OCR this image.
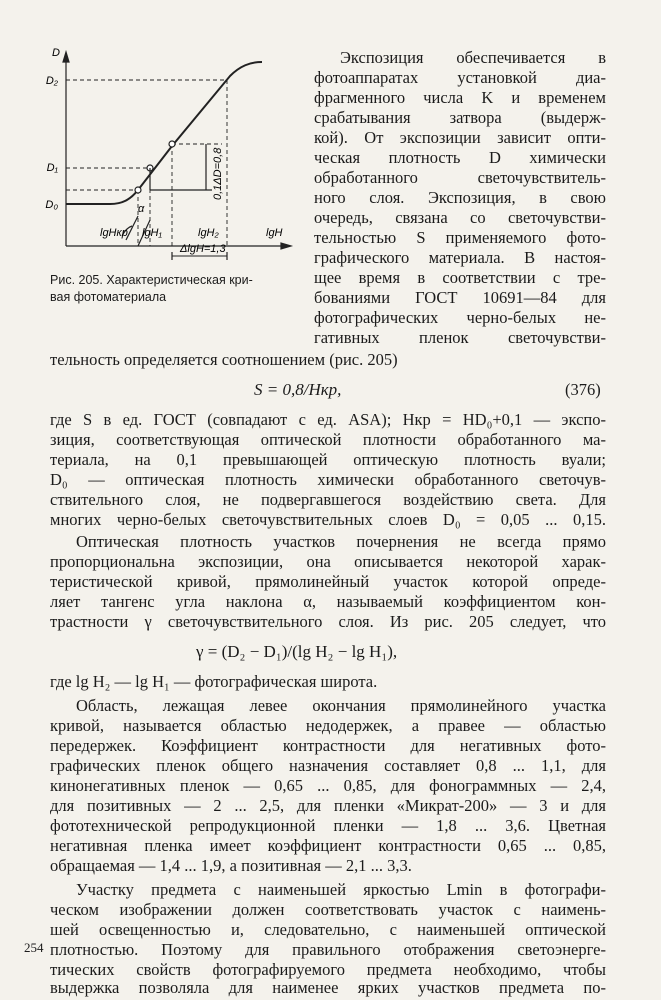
D
D₂
D₁
D₀
lgHкр lgH₁	lgH₂	lgH
α
ΔlgH=1,3
0,1ΔD=0,8
Рис. 205. Характеристическая кри-
вая фотоматериала
Экспозиция обеспечивается в
фотоаппаратах установкой диа-
фрагменного числа K и временем
срабатывания затвора (выдерж-
кой). От экспозиции зависит опти-
ческая плотность D химически
обработанного светочувствитель-
ного слоя. Экспозиция, в свою
очередь, связана со светочувстви-
тельностью S применяемого фото-
графического материала. В настоя-
щее время в соответствии с тре-
бованиями ГОСТ 10691—84 для
фотографических черно-белых не-
гативных пленок светочувстви-
тельность определяется соотношением (рис. 205)
S = 0,8/Hкр,	(376)
где S в ед. ГОСТ (совпадают с ед. ASA); Hкр = HD₀+0,1 — экспо-
зиция, соответствующая оптической плотности обработанного ма-
териала, на 0,1 превышающей оптическую плотность вуали;
D₀ — оптическая плотность химически обработанного светочув-
ствительного слоя, не подвергавшегося воздействию света. Для
многих черно-белых светочувствительных слоев D₀ = 0,05 ... 0,15.
Оптическая плотность участков почернения не всегда прямо
пропорциональна экспозиции, она описывается некоторой харак-
теристической кривой, прямолинейный участок которой опреде-
ляет тангенс угла наклона α, называемый коэффициентом кон-
трастности γ светочувствительного слоя. Из рис. 205 следует, что
γ = (D₂ − D₁)/(lg H₂ − lg H₁),
где lg H₂ — lg H₁ — фотографическая широта.
Область, лежащая левее окончания прямолинейного участка
кривой, называется областью недодержек, а правее — областью
передержек. Коэффициент контрастности для негативных фото-
графических пленок общего назначения составляет 0,8 ... 1,1, для
кинонегативных пленок — 0,65 ... 0,85, для фонограммных — 2,4,
для позитивных — 2 ... 2,5, для пленки «Микрат-200» — 3 и для
фототехнической репродукционной пленки — 1,8 ... 3,6. Цветная
негативная пленка имеет коэффициент контрастности 0,65 ... 0,85,
обращаемая — 1,4 ... 1,9, а позитивная — 2,1 ... 3,3.
Участку предмета с наименьшей яркостью Lmin в фотографи-
ческом изображении должен соответствовать участок с наимень-
шей освещенностью и, следовательно, с наименьшей оптической
плотностью. Поэтому для правильного отображения светоэнерге-
тических свойств фотографируемого предмета необходимо, чтобы
выдержка позволяла для наименее ярких участков предмета по-
254
